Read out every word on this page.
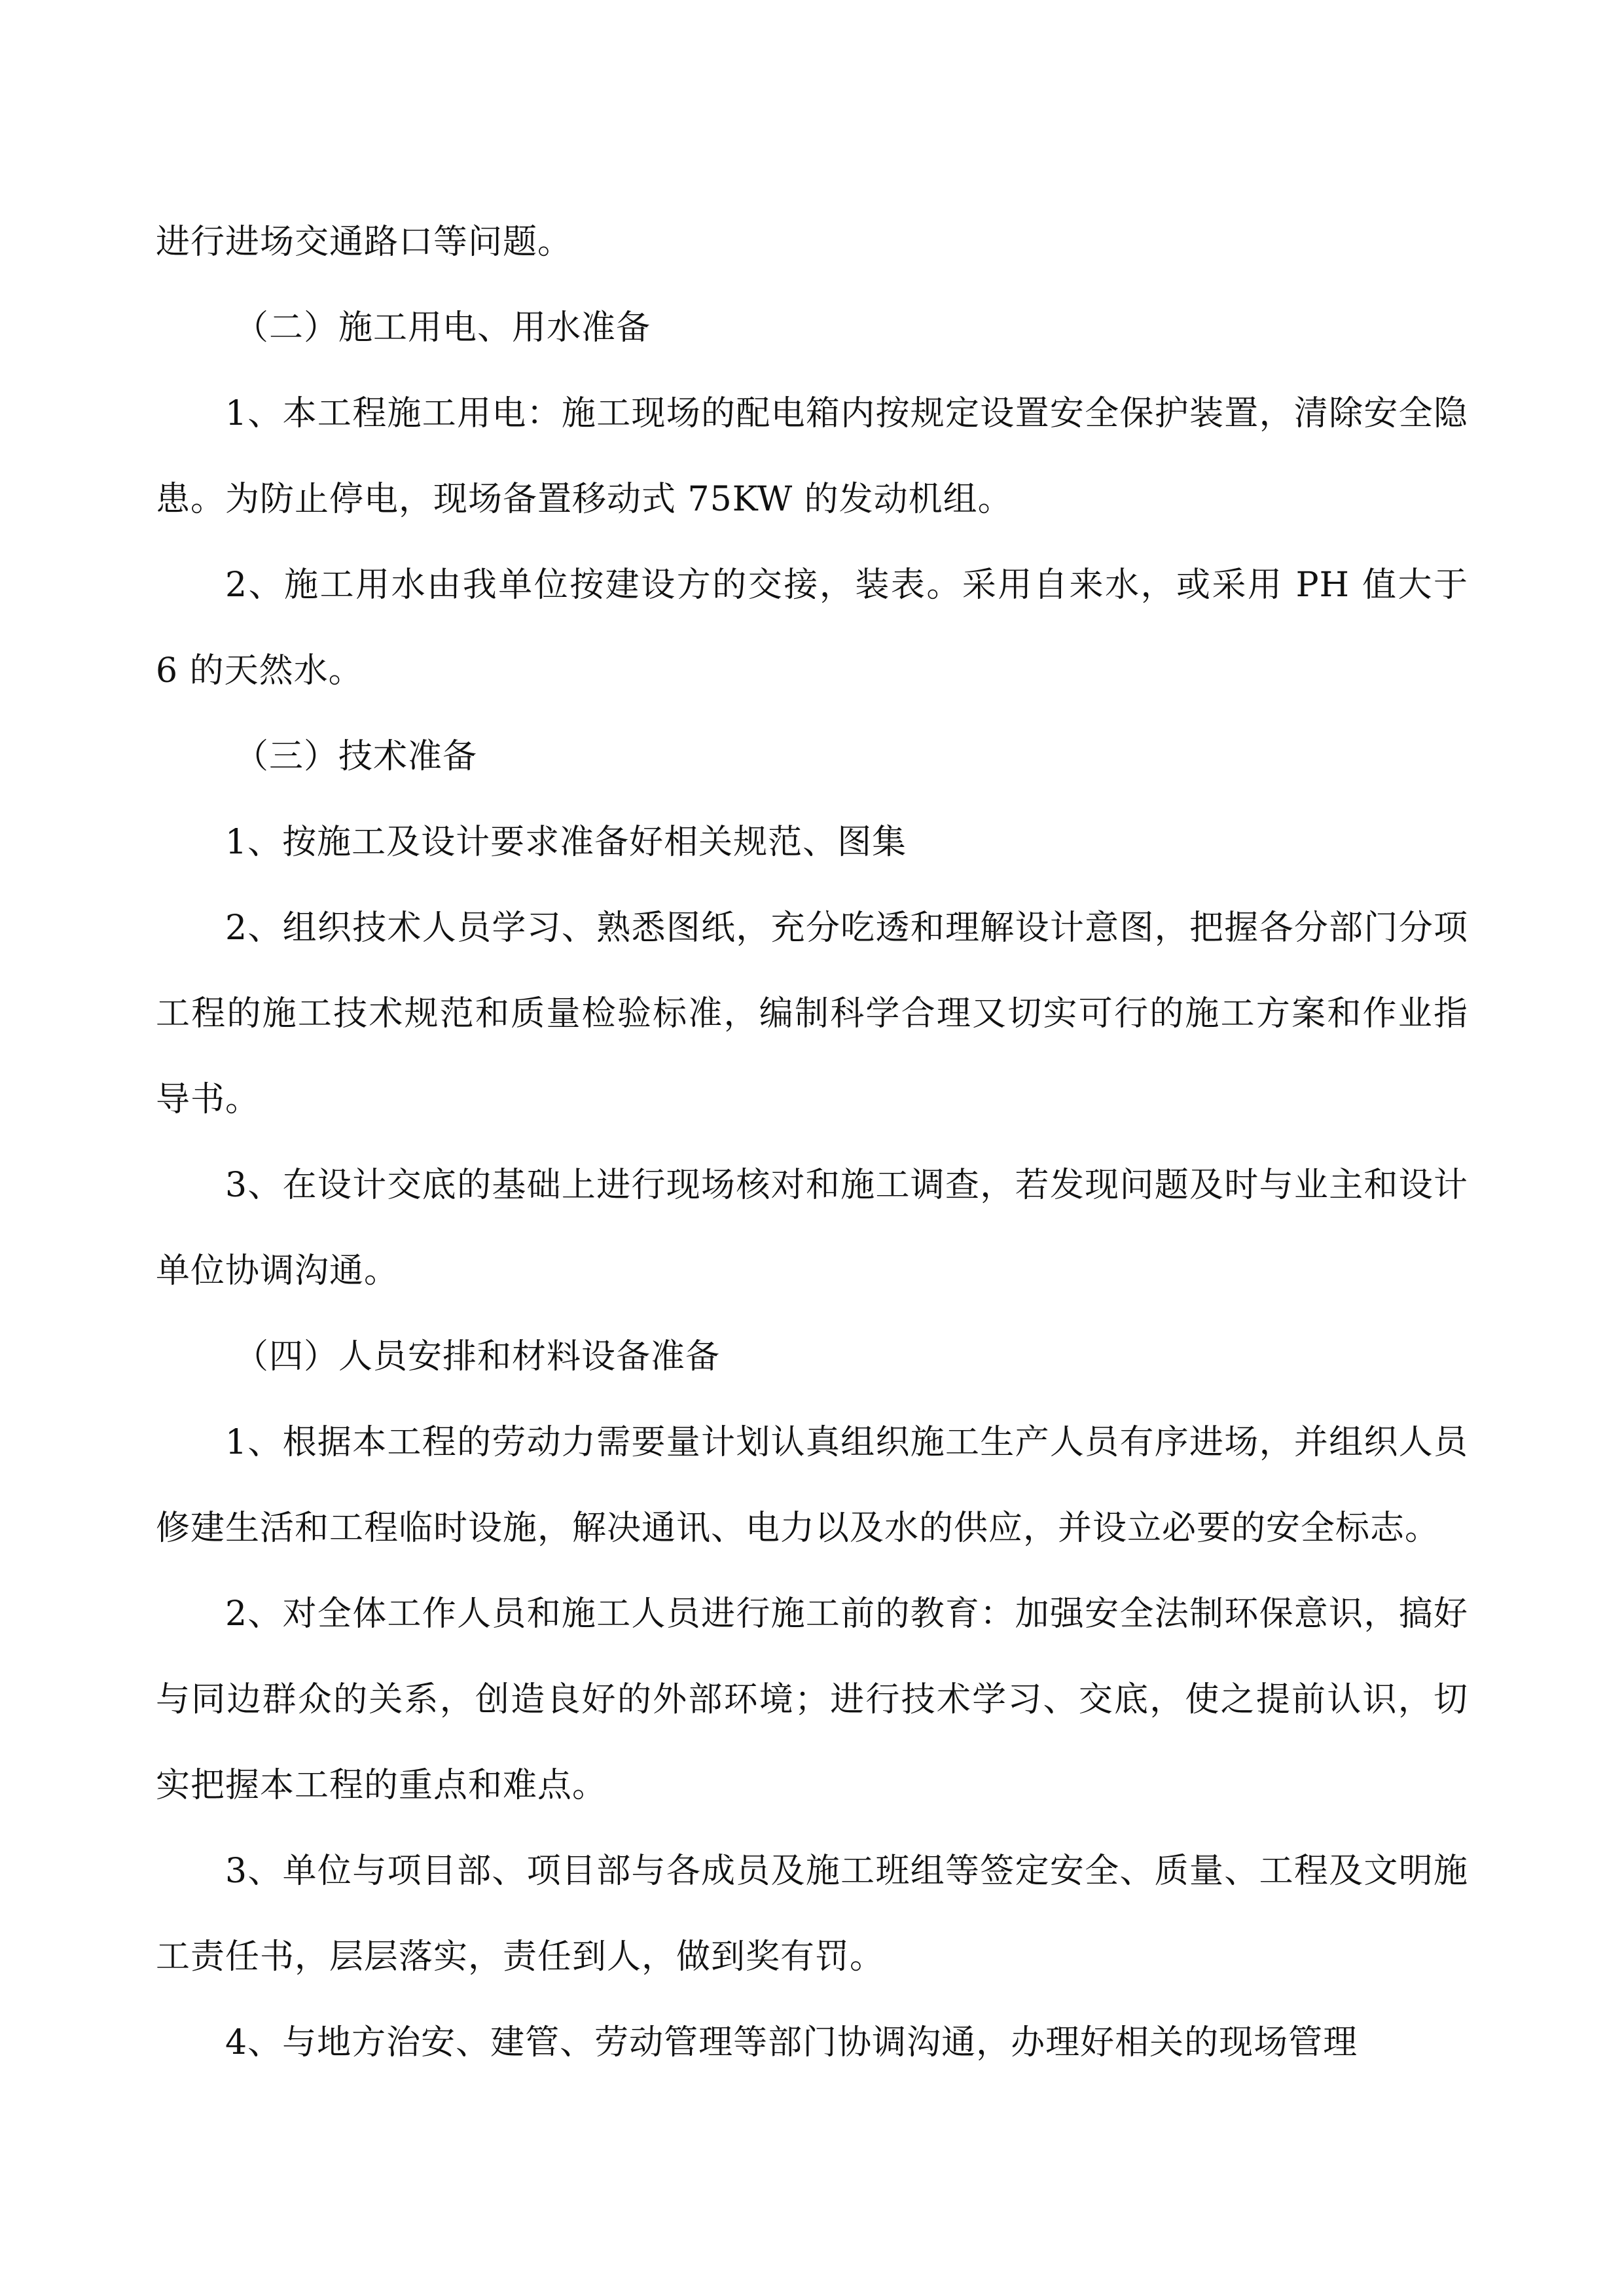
进行进场交通路口等问题。

（二）施工用电、用水准备

1、本工程施工用电：施工现场的配电箱内按规定设置安全保护装置，清除安全隐患。为防止停电，现场备置移动式 75KW 的发动机组。

2、施工用水由我单位按建设方的交接，装表。采用自来水，或采用 PH 值大于 6 的天然水。

（三）技术准备

1、按施工及设计要求准备好相关规范、图集

2、组织技术人员学习、熟悉图纸，充分吃透和理解设计意图，把握各分部门分项工程的施工技术规范和质量检验标准，编制科学合理又切实可行的施工方案和作业指导书。

3、在设计交底的基础上进行现场核对和施工调查，若发现问题及时与业主和设计单位协调沟通。

（四）人员安排和材料设备准备

1、根据本工程的劳动力需要量计划认真组织施工生产人员有序进场，并组织人员修建生活和工程临时设施，解决通讯、电力以及水的供应，并设立必要的安全标志。

2、对全体工作人员和施工人员进行施工前的教育：加强安全法制环保意识，搞好与同边群众的关系，创造良好的外部环境；进行技术学习、交底，使之提前认识，切实把握本工程的重点和难点。

3、单位与项目部、项目部与各成员及施工班组等签定安全、质量、工程及文明施工责任书，层层落实，责任到人，做到奖有罚。

4、与地方治安、建管、劳动管理等部门协调沟通，办理好相关的现场管理
